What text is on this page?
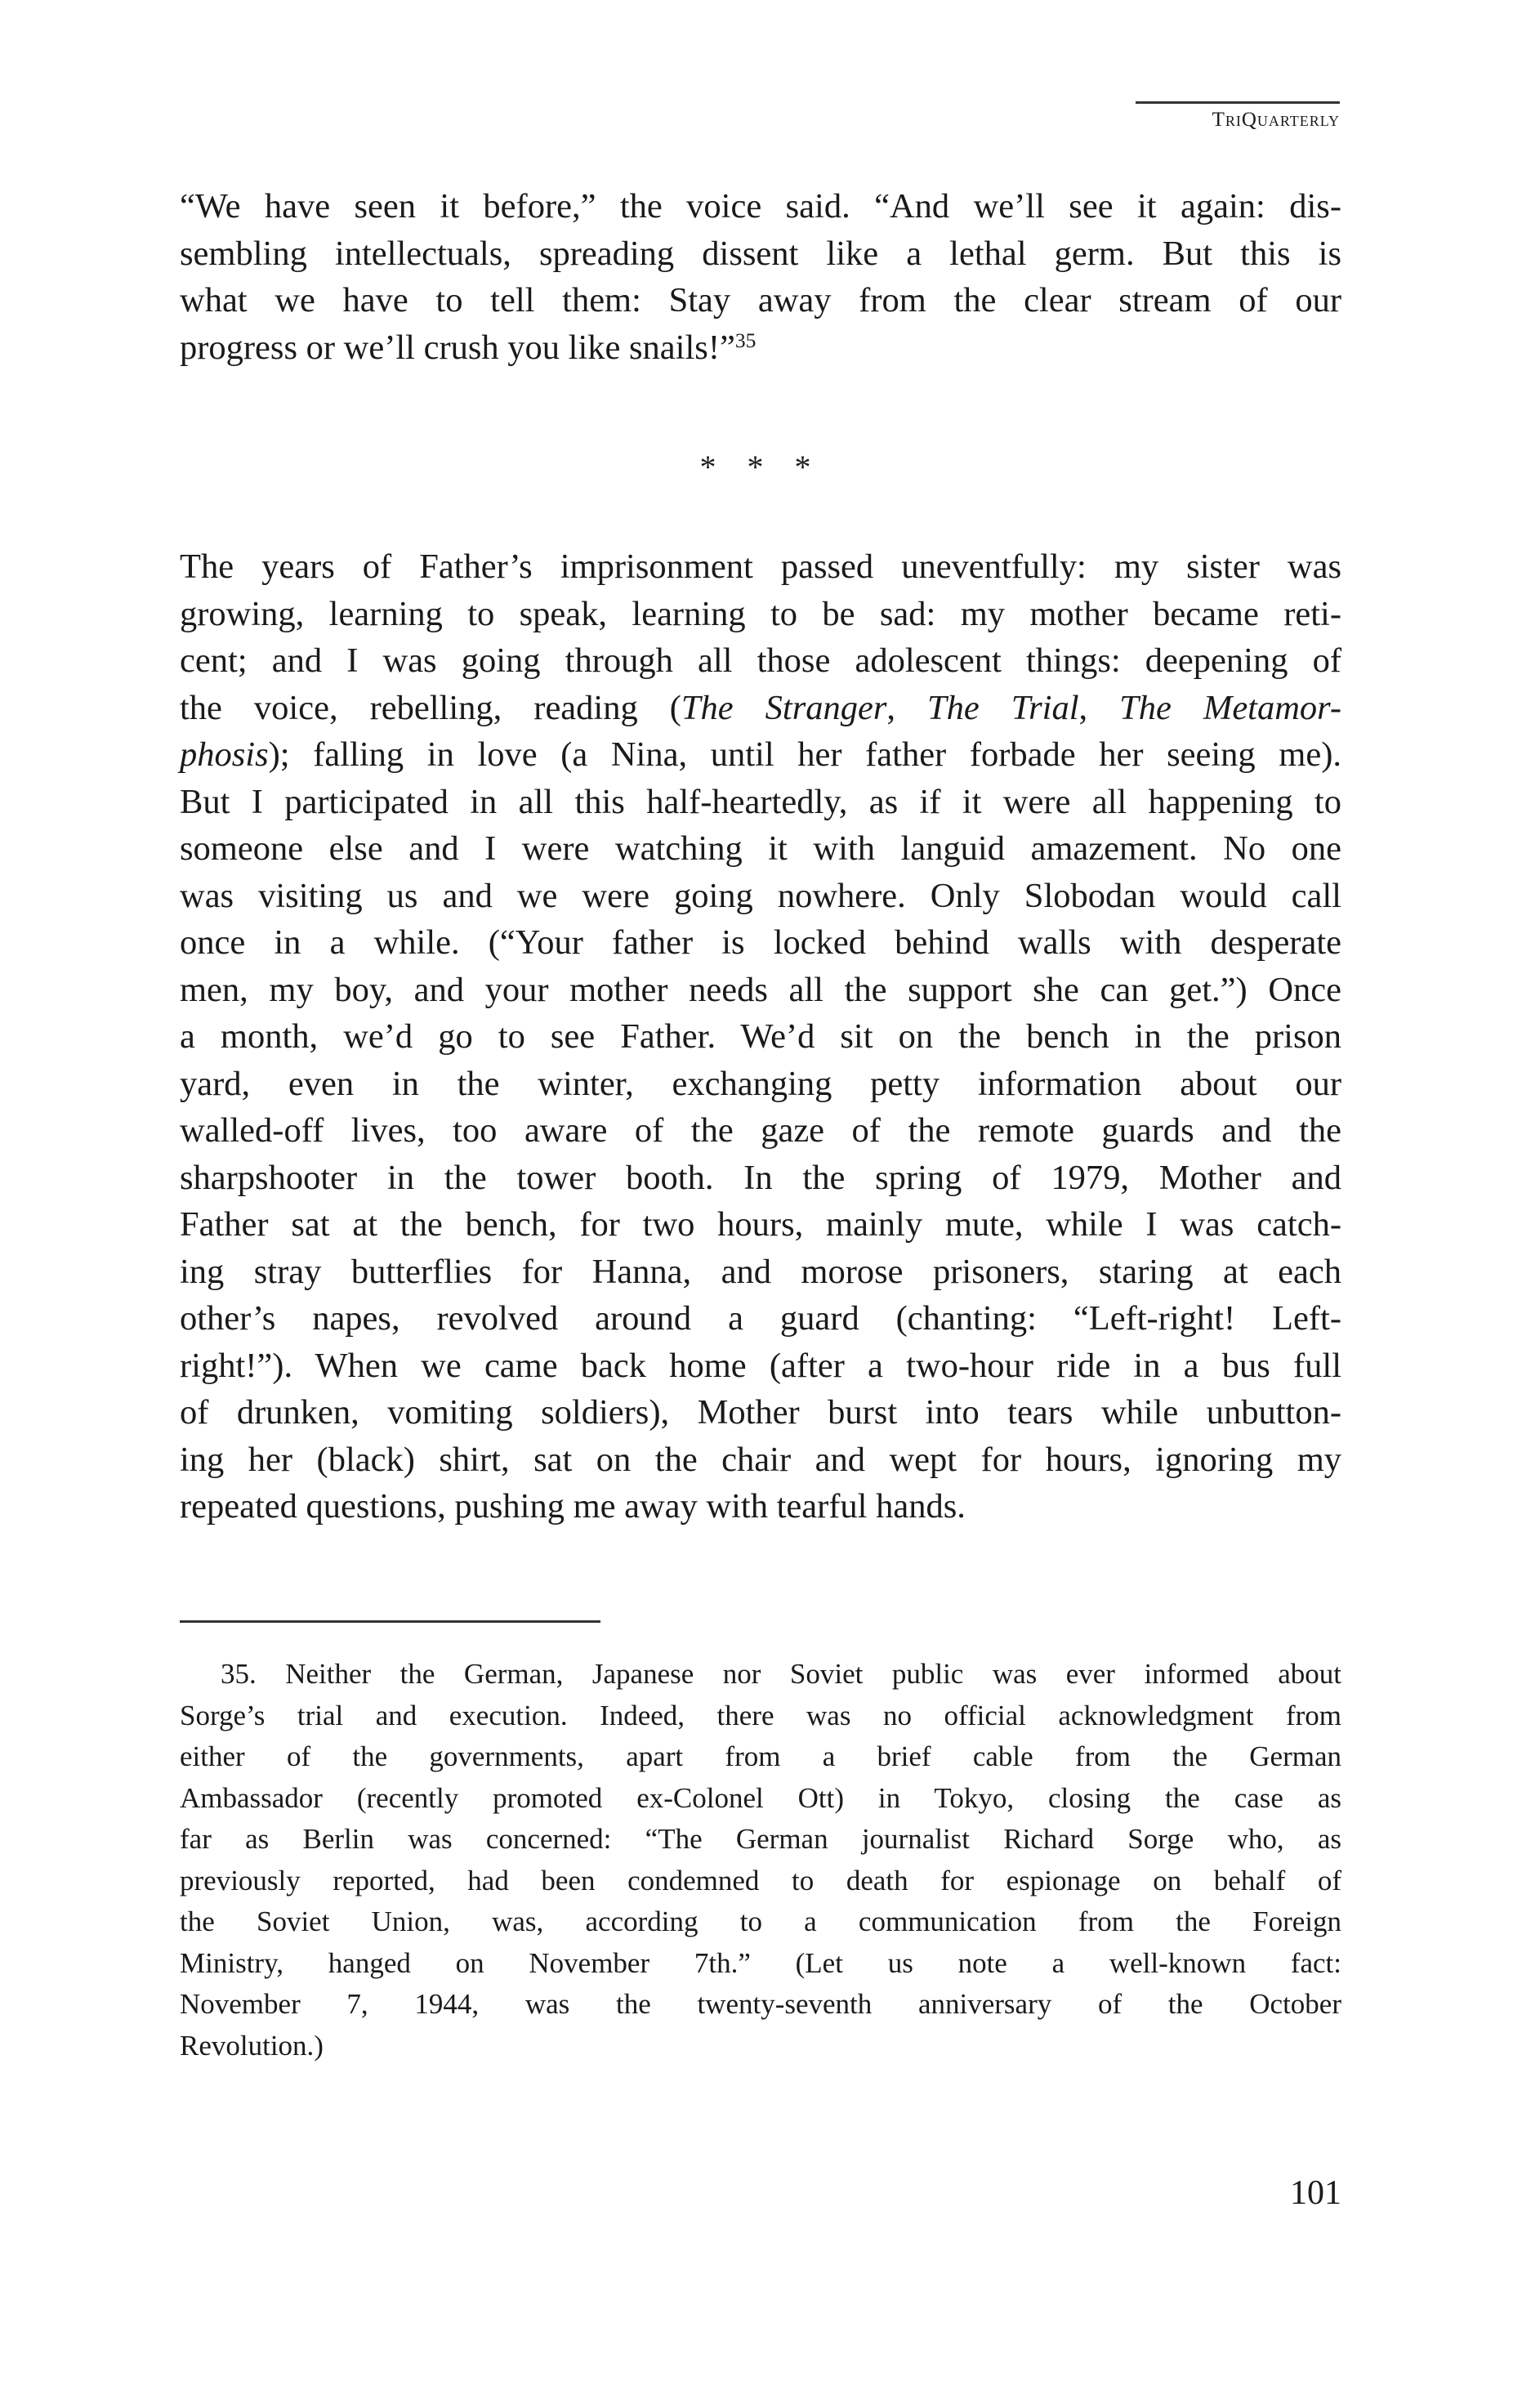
TriQuarterly
“We have seen it before,” the voice said. “And we’ll see it again: dis-
sembling intellectuals, spreading dissent like a lethal germ. But this is
what we have to tell them: Stay away from the clear stream of our
progress or we’ll crush you like snails!”$^{35}$
* * *
The years of Father’s imprisonment passed uneventfully: my sister was
growing, learning to speak, learning to be sad: my mother became reti-
cent; and I was going through all those adolescent things: deepening of
the voice, rebelling, reading (The Stranger, The Trial, The Metamor-
phosis); falling in love (a Nina, until her father forbade her seeing me).
But I participated in all this half-heartedly, as if it were all happening to
someone else and I were watching it with languid amazement. No one
was visiting us and we were going nowhere. Only Slobodan would call
once in a while. (“Your father is locked behind walls with desperate
men, my boy, and your mother needs all the support she can get.”) Once
a month, we’d go to see Father. We’d sit on the bench in the prison
yard, even in the winter, exchanging petty information about our
walled-off lives, too aware of the gaze of the remote guards and the
sharpshooter in the tower booth. In the spring of 1979, Mother and
Father sat at the bench, for two hours, mainly mute, while I was catch-
ing stray butterflies for Hanna, and morose prisoners, staring at each
other’s napes, revolved around a guard (chanting: “Left-right! Left-
right!”). When we came back home (after a two-hour ride in a bus full
of drunken, vomiting soldiers), Mother burst into tears while unbutton-
ing her (black) shirt, sat on the chair and wept for hours, ignoring my
repeated questions, pushing me away with tearful hands.
35. Neither the German, Japanese nor Soviet public was ever informed about
Sorge’s trial and execution. Indeed, there was no official acknowledgment from
either of the governments, apart from a brief cable from the German
Ambassador (recently promoted ex-Colonel Ott) in Tokyo, closing the case as
far as Berlin was concerned: “The German journalist Richard Sorge who, as
previously reported, had been condemned to death for espionage on behalf of
the Soviet Union, was, according to a communication from the Foreign
Ministry, hanged on November 7th.” (Let us note a well-known fact:
November 7, 1944, was the twenty-seventh anniversary of the October
Revolution.)
101
